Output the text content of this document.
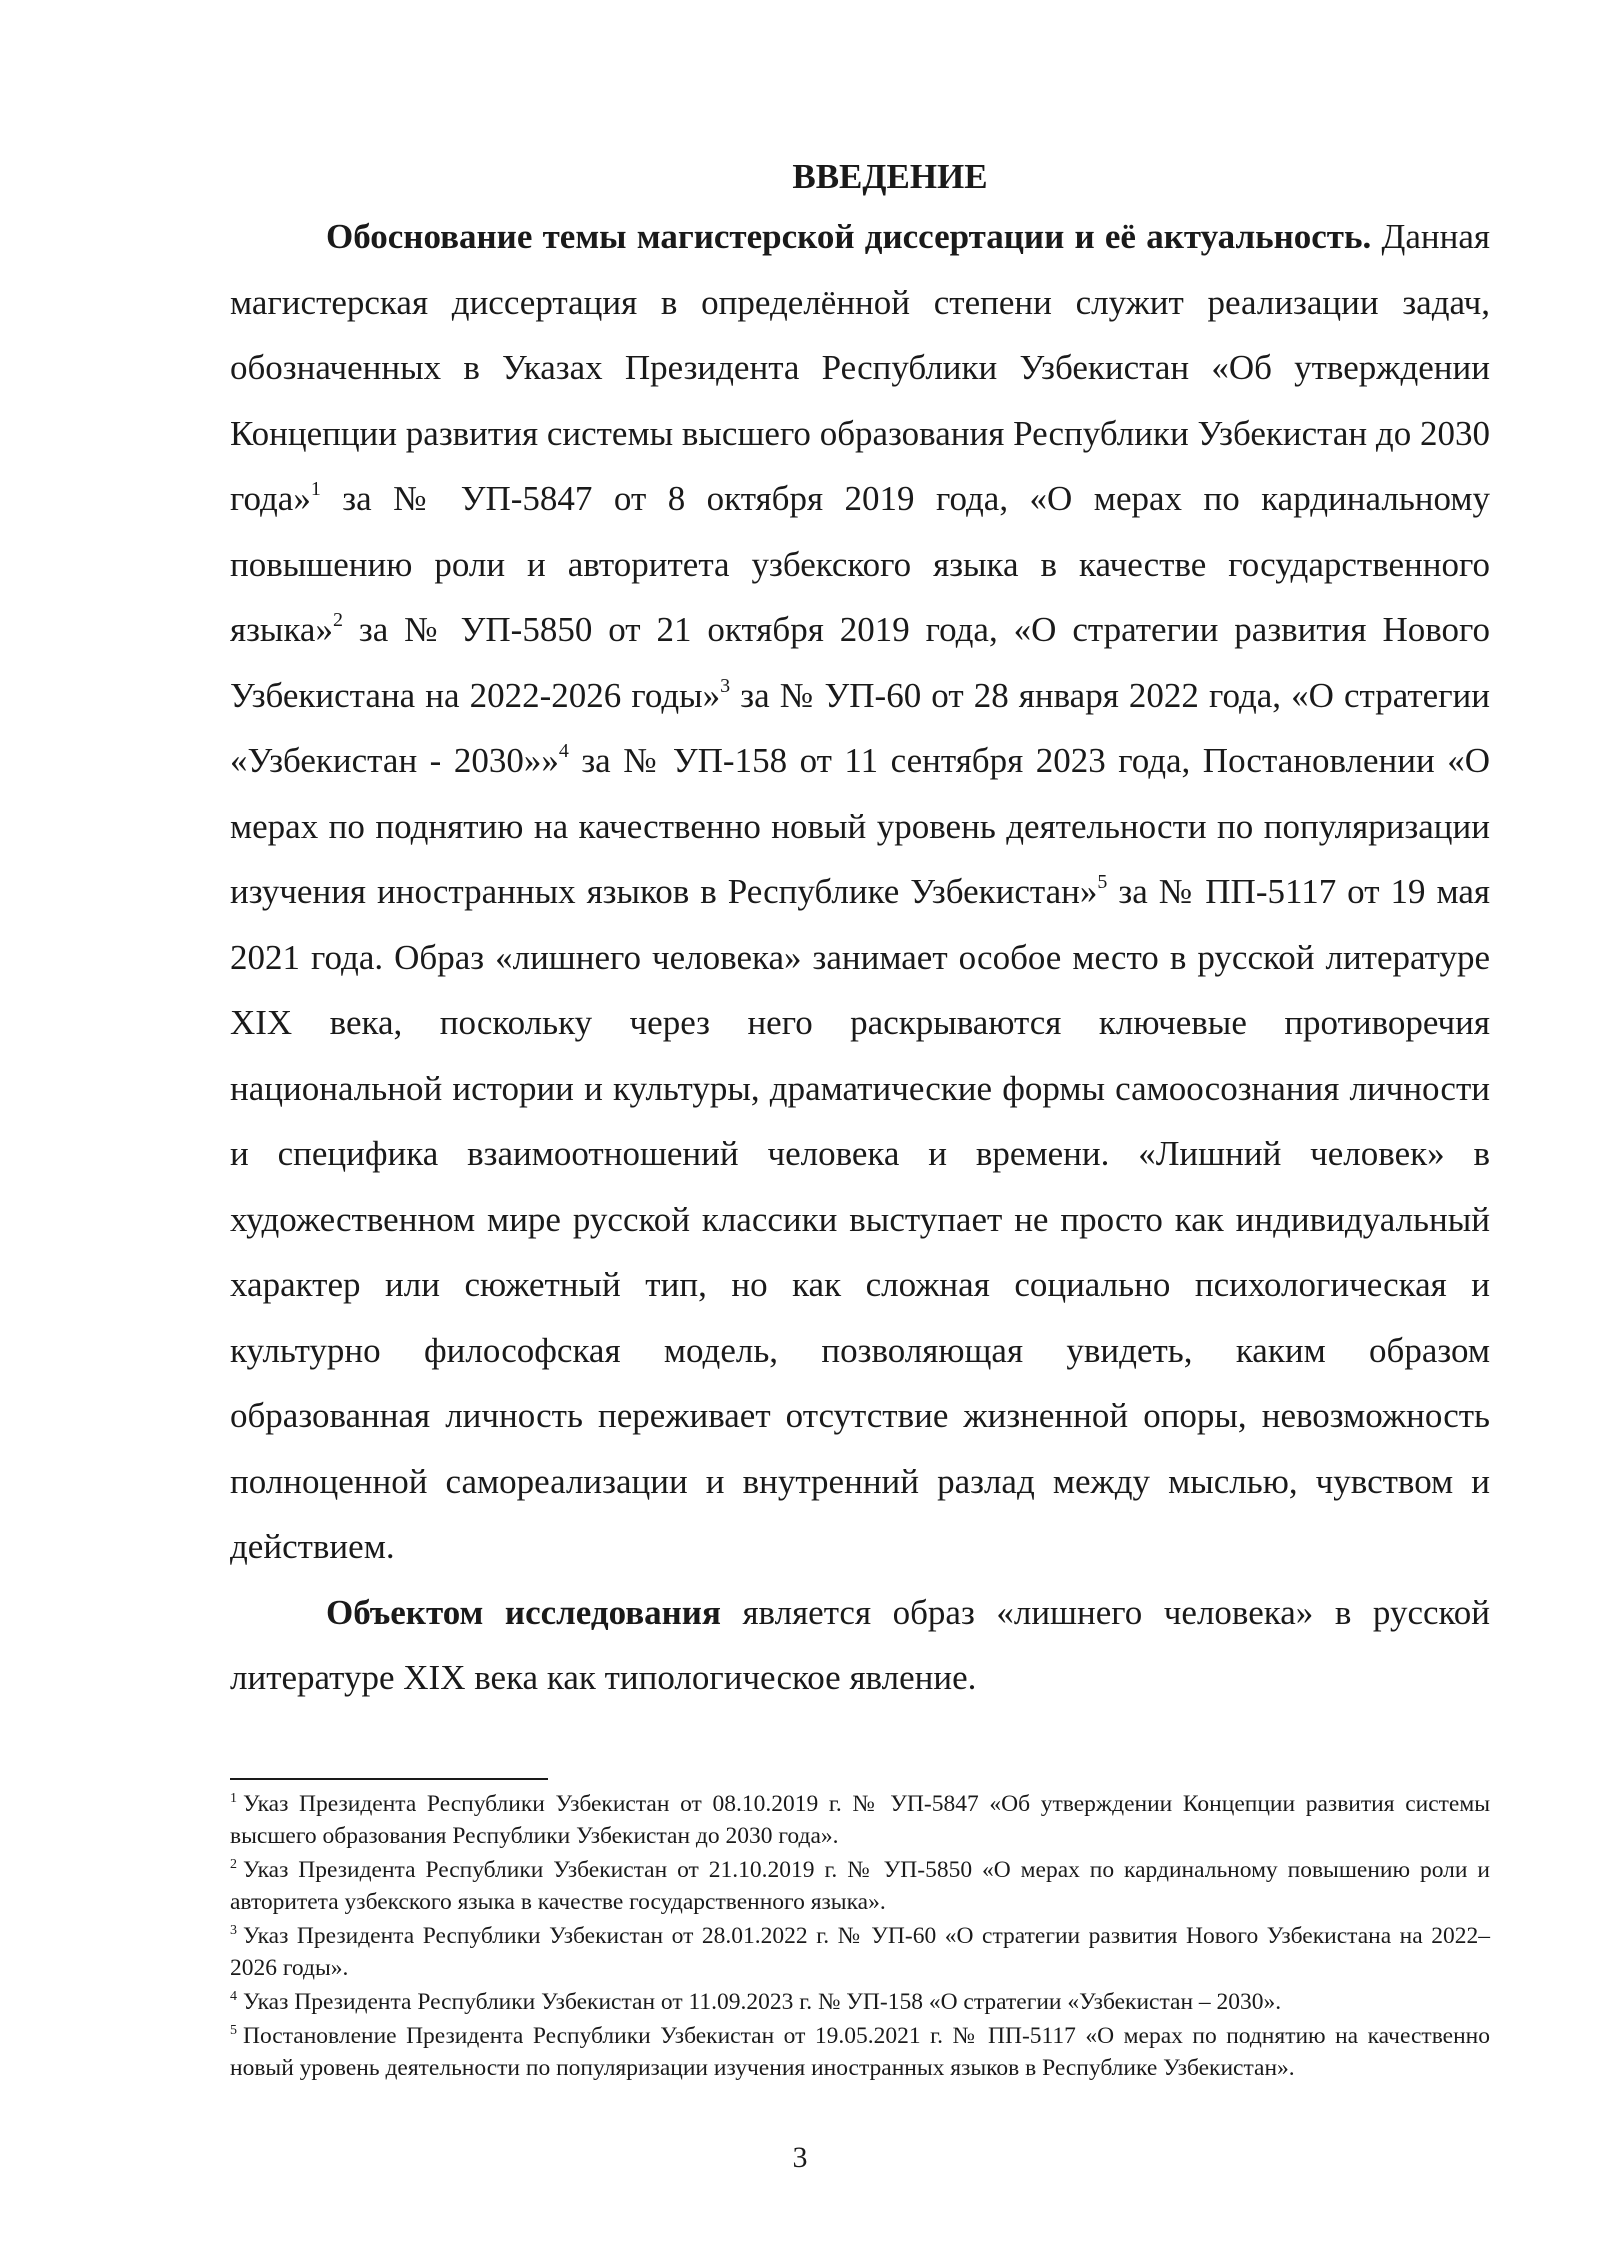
ВВЕДЕНИЕ

Обоснование темы магистерской диссертации и её актуальность. Данная магистерская диссертация в определённой степени служит реализации задач, обозначенных в Указах Президента Республики Узбекистан «Об утверждении Концепции развития системы высшего образования Республики Узбекистан до 2030 года»$^1$ за № УП-5847 от 8 октября 2019 года, «О мерах по кардинальному повышению роли и авторитета узбекского языка в качестве государственного языка»$^2$ за № УП-5850 от 21 октября 2019 года, «О стратегии развития Нового Узбекистана на 2022-2026 годы»$^3$ за № УП-60 от 28 января 2022 года, «О стратегии «Узбекистан - 2030»»$^4$ за № УП-158 от 11 сентября 2023 года, Постановлении «О мерах по поднятию на качественно новый уровень деятельности по популяризации изучения иностранных языков в Республике Узбекистан»$^5$ за № ПП-5117 от 19 мая 2021 года. Образ «лишнего человека» занимает особое место в русской литературе XIX века, поскольку через него раскрываются ключевые противоречия национальной истории и культуры, драматические формы самоосознания личности и специфика взаимоотношений человека и времени. «Лишний человек» в художественном мире русской классики выступает не просто как индивидуальный характер или сюжетный тип, но как сложная социально психологическая и культурно философская модель, позволяющая увидеть, каким образом образованная личность переживает отсутствие жизненной опоры, невозможность полноценной самореализации и внутренний разлад между мыслью, чувством и действием.

Объектом исследования является образ «лишнего человека» в русской литературе XIX века как типологическое явление.

$^1$ Указ Президента Республики Узбекистан от 08.10.2019 г. № УП-5847 «Об утверждении Концепции развития системы высшего образования Республики Узбекистан до 2030 года».

$^2$ Указ Президента Республики Узбекистан от 21.10.2019 г. № УП-5850 «О мерах по кардинальному повышению роли и авторитета узбекского языка в качестве государственного языка».

$^3$ Указ Президента Республики Узбекистан от 28.01.2022 г. № УП-60 «О стратегии развития Нового Узбекистана на 2022–2026 годы».

$^4$ Указ Президента Республики Узбекистан от 11.09.2023 г. № УП-158 «О стратегии «Узбекистан – 2030».

$^5$ Постановление Президента Республики Узбекистан от 19.05.2021 г. № ПП-5117 «О мерах по поднятию на качественно новый уровень деятельности по популяризации изучения иностранных языков в Республике Узбекистан».

3
